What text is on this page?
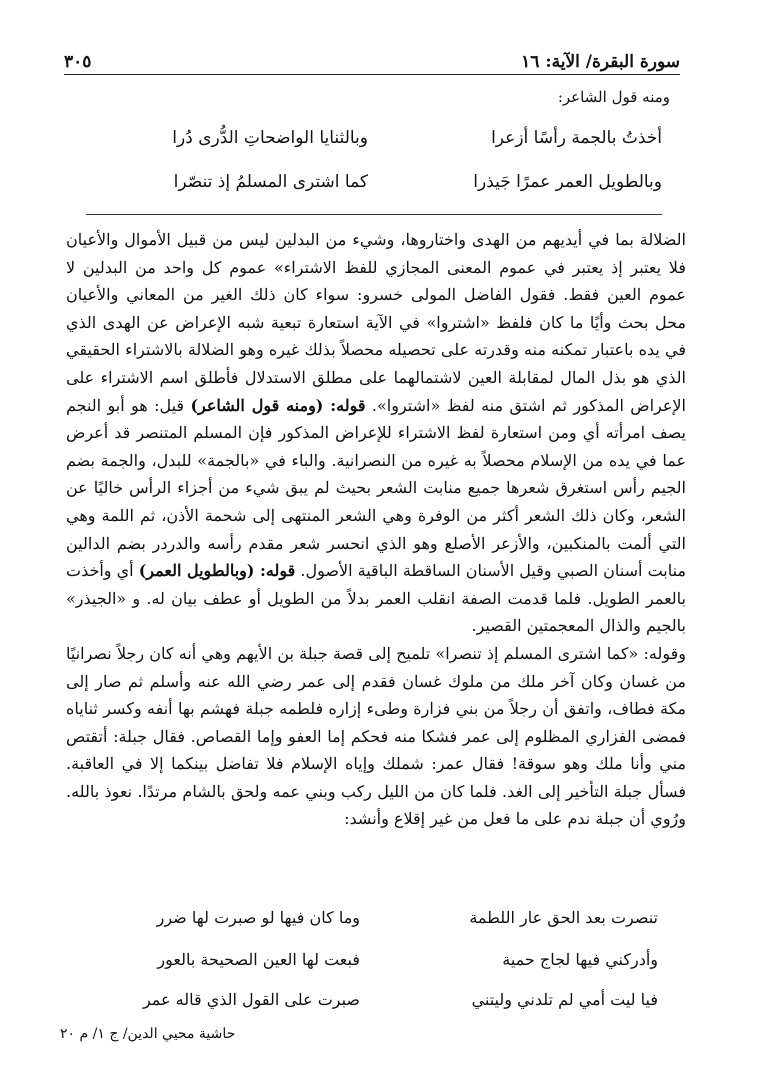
سورة البقرة/ الآية: ١٦
٣٠٥
ومنه قول الشاعر:
أخذتُ بالجمة رأسًا أزعرا
وبالثنايا الواضحاتِ الدُّرى دُرا
وبالطويل العمر عمرًا جَيذرا
كما اشترى المسلمُ إذ تنصّرا

الضلالة بما في أيديهم من الهدى واختاروها، وشيء من البدلين ليس من قبيل الأموال والأعيان فلا يعتبر إذ يعتبر في عموم المعنى المجازي للفظ الاشتراء» عموم كل واحد من البدلين لا عموم العين فقط. فقول الفاضل المولى خسرو: سواء كان ذلك الغير من المعاني والأعيان محل بحث وأيًا ما كان فلفظ «اشتروا» في الآية استعارة تبعية شبه الإعراض عن الهدى الذي في يده باعتبار تمكنه منه وقدرته على تحصيله محصلاً بذلك غيره وهو الضلالة بالاشتراء الحقيقي الذي هو بذل المال لمقابلة العين لاشتمالهما على مطلق الاستدلال فأطلق اسم الاشتراء على الإعراض المذكور ثم اشتق منه لفظ «اشتروا». قوله: (ومنه قول الشاعر) قيل: هو أبو النجم يصف امرأته أي ومن استعارة لفظ الاشتراء للإعراض المذكور فإن المسلم المتنصر قد أعرض عما في يده من الإسلام محصلاً به غيره من النصرانية. والباء في «بالجمة» للبدل، والجمة بضم الجيم رأس استغرق شعرها جميع منابت الشعر بحيث لم يبق شيء من أجزاء الرأس خاليًا عن الشعر، وكان ذلك الشعر أكثر من الوفرة وهي الشعر المنتهى إلى شحمة الأذن، ثم اللمة وهي التي ألمت بالمنكبين، والأزعر الأصلع وهو الذي انحسر شعر مقدم رأسه والدردر بضم الدالين منابت أسنان الصبي وقيل الأسنان الساقطة الباقية الأصول. قوله: (وبالطويل العمر) أي وأخذت بالعمر الطويل. فلما قدمت الصفة انقلب العمر بدلاً من الطويل أو عطف بيان له. و «الجيذر» بالجيم والذال المعجمتين القصير.

وقوله: «كما اشترى المسلم إذ تنصرا» تلميح إلى قصة جبلة بن الأيهم وهي أنه كان رجلاً نصرانيًا من غسان وكان آخر ملك من ملوك غسان فقدم إلى عمر رضي الله عنه وأسلم ثم صار إلى مكة فطاف، واتفق أن رجلاً من بني فزارة وطىء إزاره فلطمه جبلة فهشم بها أنفه وكسر ثناياه فمضى الفزاري المظلوم إلى عمر فشكا منه فحكم إما العفو وإما القصاص. فقال جبلة: أتقتص مني وأنا ملك وهو سوقة! فقال عمر: شملك وإياه الإسلام فلا تفاضل بينكما إلا في العاقبة. فسأل جبلة التأخير إلى الغد. فلما كان من الليل ركب وبني عمه ولحق بالشام مرتدًا. نعوذ بالله. ورُوي أن جبلة ندم على ما فعل من غير إقلاع وأنشد:

تنصرت بعد الحق عار اللطمة
وما كان فيها لو صبرت لها ضرر
وأدركني فيها لجاج حمية
فبعت لها العين الصحيحة بالعور
فيا ليت أمي لم تلدني وليتني
صبرت على القول الذي قاله عمر
حاشية محيي الدين/ ج ١/ م ٢٠
